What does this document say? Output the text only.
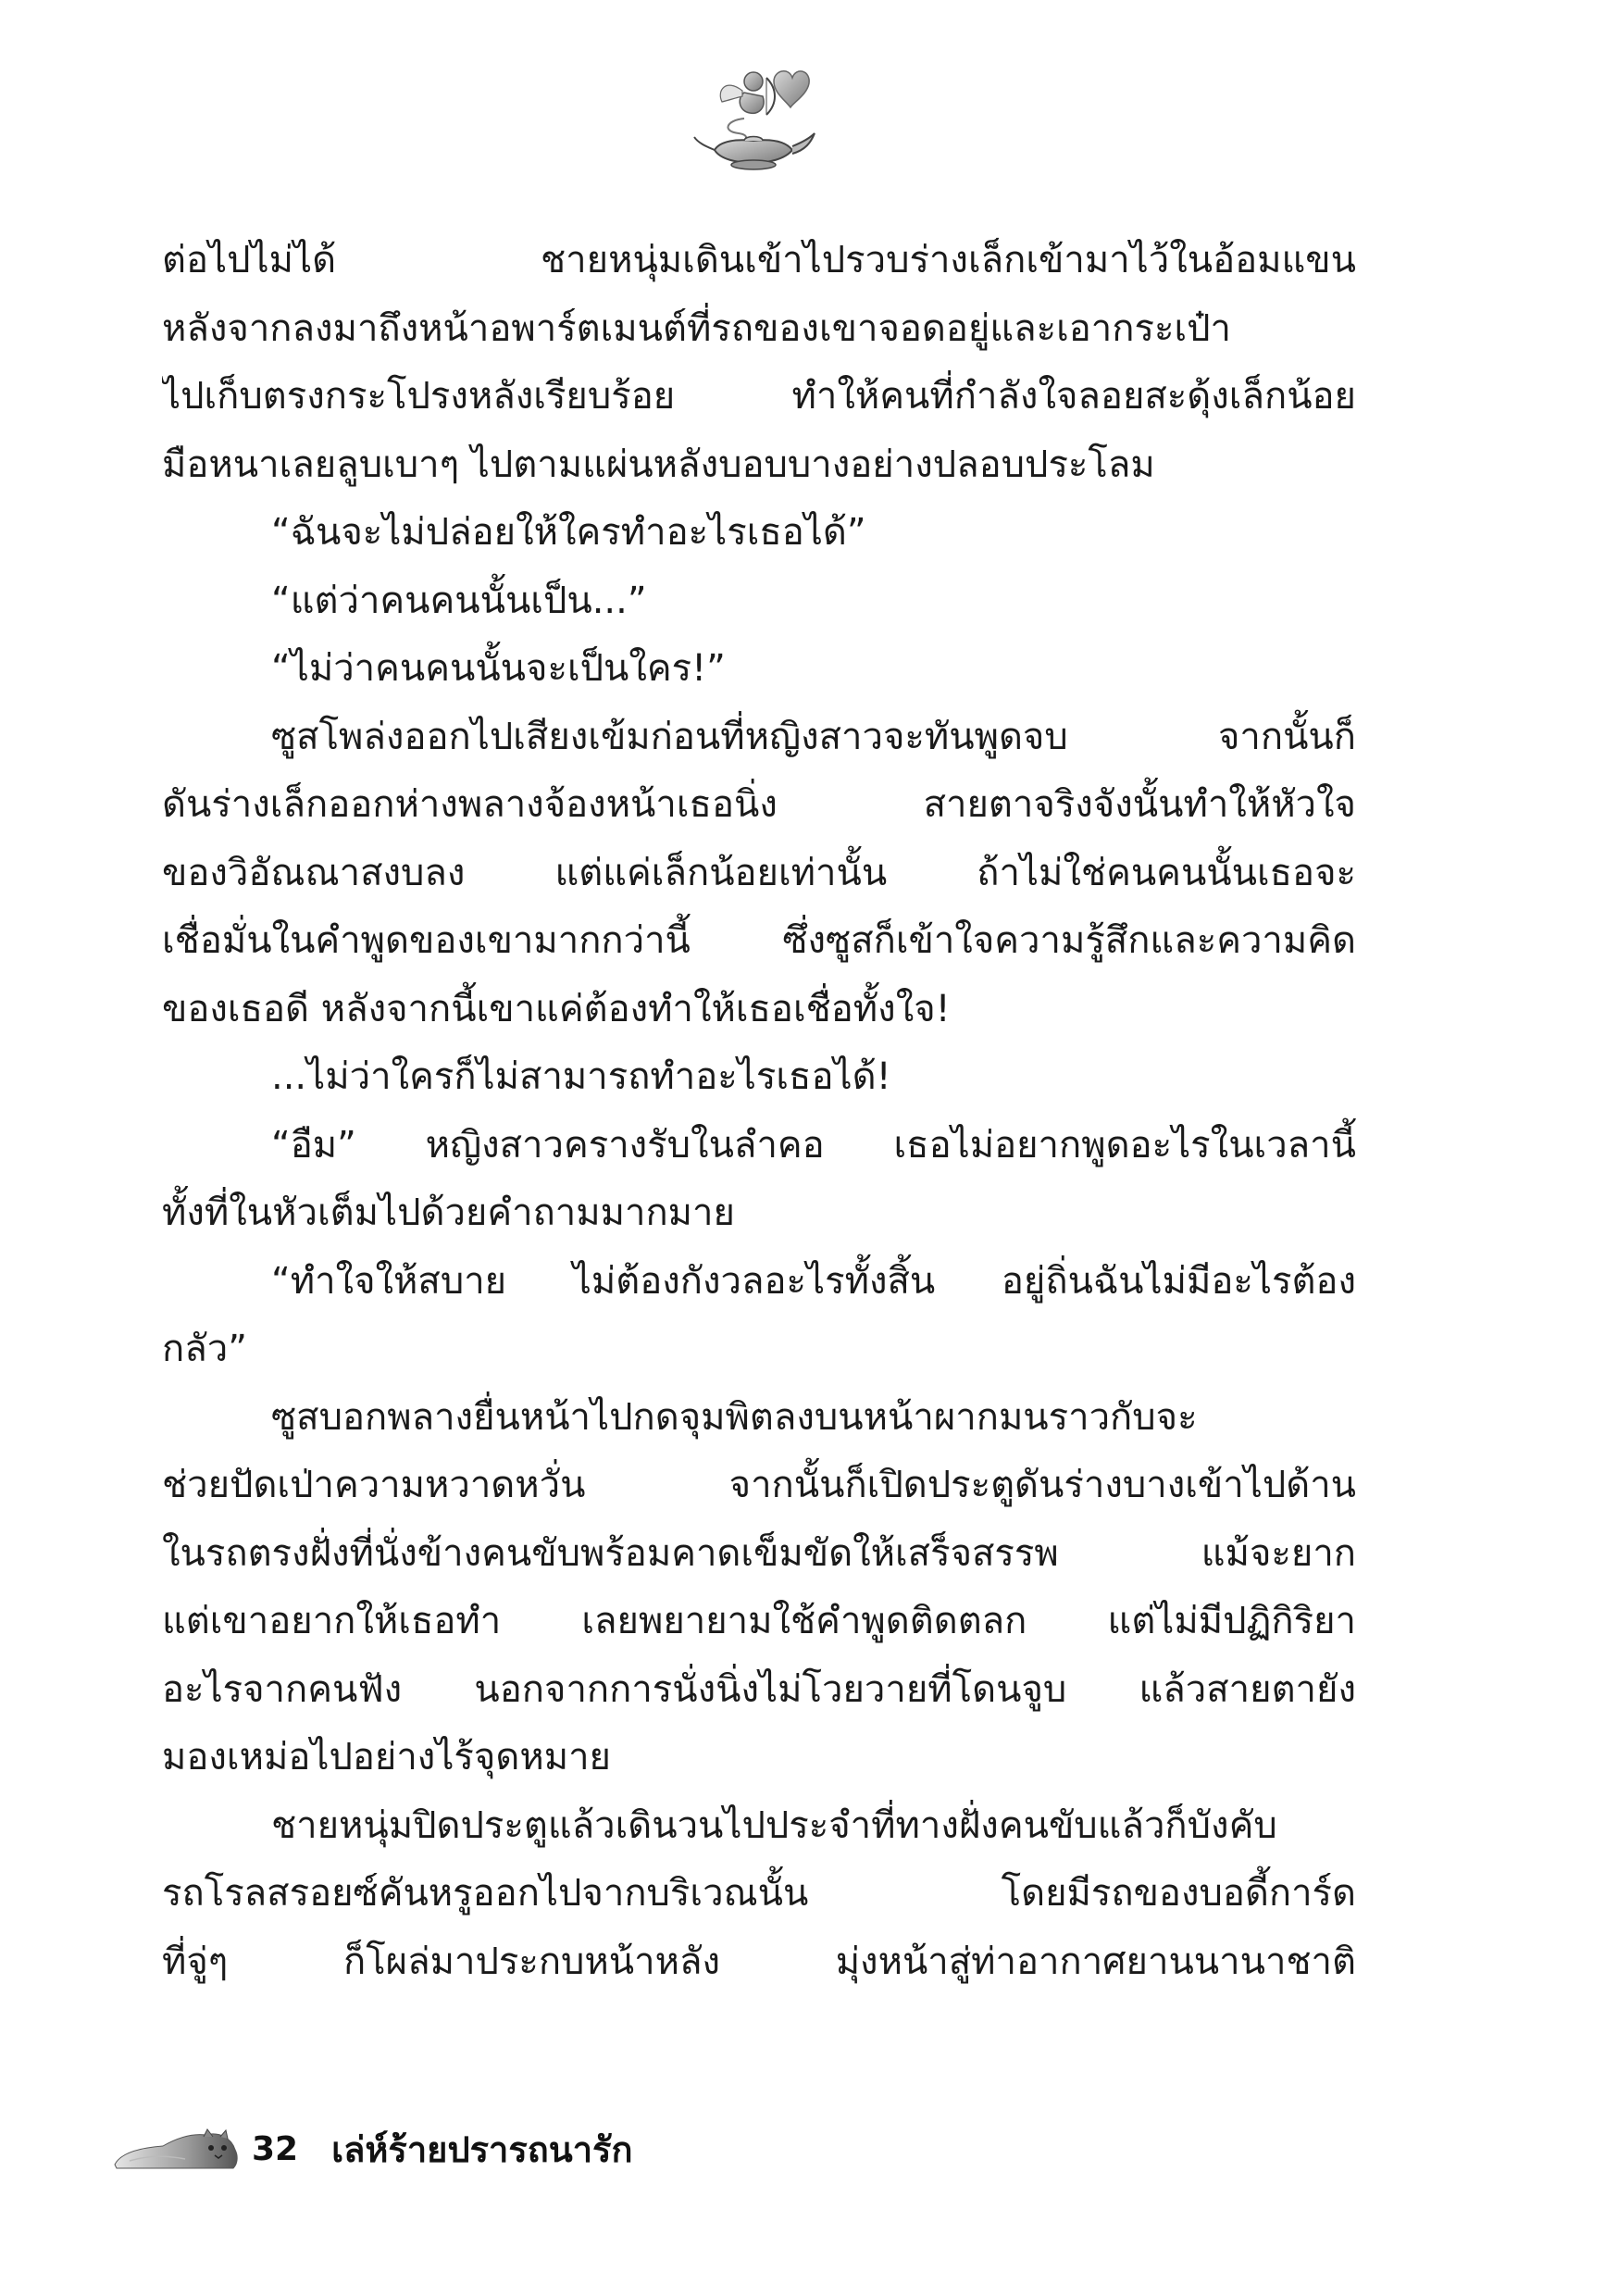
ต่อไปไม่ได้ ชายหนุ่มเดินเข้าไปรวบร่างเล็กเข้ามาไว้ในอ้อมแขน
หลังจากลงมาถึงหน้าอพาร์ตเมนต์ที่รถของเขาจอดอยู่และเอากระเป๋า
ไปเก็บตรงกระโปรงหลังเรียบร้อย ทำให้คนที่กำลังใจลอยสะดุ้งเล็กน้อย
มือหนาเลยลูบเบาๆ ไปตามแผ่นหลังบอบบางอย่างปลอบประโลม
“ฉันจะไม่ปล่อยให้ใครทำอะไรเธอได้”
“แต่ว่าคนคนนั้นเป็น...”
“ไม่ว่าคนคนนั้นจะเป็นใคร!”
ซูสโพล่งออกไปเสียงเข้มก่อนที่หญิงสาวจะทันพูดจบ จากนั้นก็
ดันร่างเล็กออกห่างพลางจ้องหน้าเธอนิ่ง สายตาจริงจังนั้นทำให้หัวใจ
ของวิอัณณาสงบลง แต่แค่เล็กน้อยเท่านั้น ถ้าไม่ใช่คนคนนั้นเธอจะ
เชื่อมั่นในคำพูดของเขามากกว่านี้ ซึ่งซูสก็เข้าใจความรู้สึกและความคิด
ของเธอดี หลังจากนี้เขาแค่ต้องทำให้เธอเชื่อทั้งใจ!
...ไม่ว่าใครก็ไม่สามารถทำอะไรเธอได้!
“อืม” หญิงสาวครางรับในลำคอ เธอไม่อยากพูดอะไรในเวลานี้
ทั้งที่ในหัวเต็มไปด้วยคำถามมากมาย
“ทำใจให้สบาย ไม่ต้องกังวลอะไรทั้งสิ้น อยู่ถิ่นฉันไม่มีอะไรต้อง
กลัว”
ซูสบอกพลางยื่นหน้าไปกดจุมพิตลงบนหน้าผากมนราวกับจะ
ช่วยปัดเป่าความหวาดหวั่น จากนั้นก็เปิดประตูดันร่างบางเข้าไปด้าน
ในรถตรงฝั่งที่นั่งข้างคนขับพร้อมคาดเข็มขัดให้เสร็จสรรพ แม้จะยาก
แต่เขาอยากให้เธอทำ เลยพยายามใช้คำพูดติดตลก แต่ไม่มีปฏิกิริยา
อะไรจากคนฟัง นอกจากการนั่งนิ่งไม่โวยวายที่โดนจูบ แล้วสายตายัง
มองเหม่อไปอย่างไร้จุดหมาย
ชายหนุ่มปิดประตูแล้วเดินวนไปประจำที่ทางฝั่งคนขับแล้วก็บังคับ
รถโรลสรอยซ์คันหรูออกไปจากบริเวณนั้น โดยมีรถของบอดี้การ์ด
ที่จู่ๆ ก็โผล่มาประกบหน้าหลัง มุ่งหน้าสู่ท่าอากาศยานนานาชาติ
32 เล่ห์ร้ายปรารถนารัก
